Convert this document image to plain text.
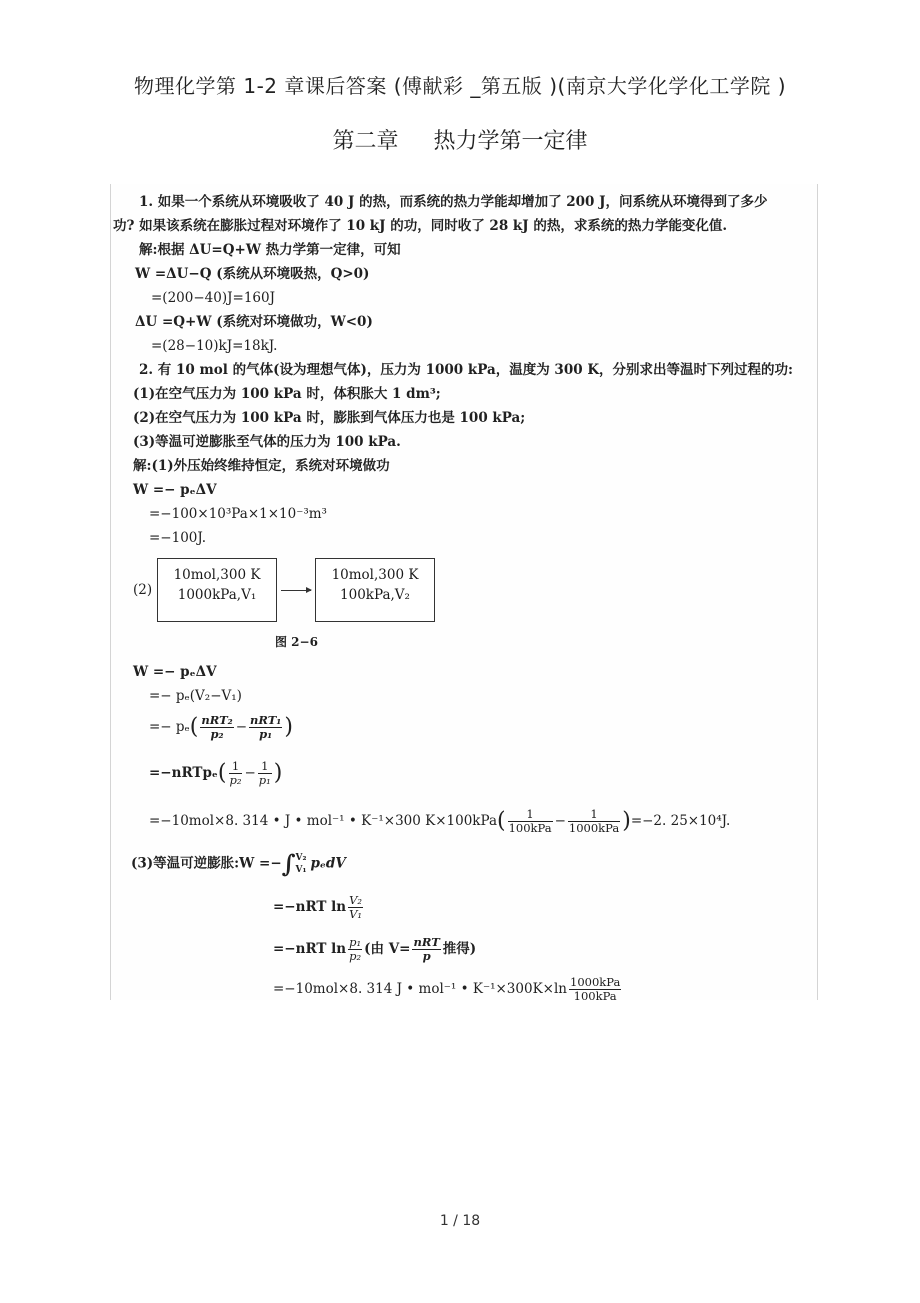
物理化学第 1-2 章课后答案 (傅献彩 _第五版 )(南京大学化学化工学院 )
第二章 热力学第一定律
1. 如果一个系统从环境吸收了 40 J 的热，而系统的热力学能却增加了 200 J，问系统从环境得到了多少
功? 如果该系统在膨胀过程对环境作了 10 kJ 的功，同时收了 28 kJ 的热，求系统的热力学能变化值.
解:根据 ΔU=Q+W 热力学第一定律，可知
W =ΔU−Q (系统从环境吸热，Q>0)
=(200−40)J=160J
ΔU =Q+W (系统对环境做功，W<0)
=(28−10)kJ=18kJ.
2. 有 10 mol 的气体(设为理想气体)，压力为 1000 kPa，温度为 300 K，分别求出等温时下列过程的功:
(1)在空气压力为 100 kPa 时，体积胀大 1 dm³;
(2)在空气压力为 100 kPa 时，膨胀到气体压力也是 100 kPa;
(3)等温可逆膨胀至气体的压力为 100 kPa.
解:(1)外压始终维持恒定，系统对环境做功
W =− pₑΔV
=−100×10³Pa×1×10⁻³m³
=−100J.
(2)
10mol,300 K
1000kPa,V₁
10mol,300 K
100kPa,V₂
图 2−6
W =− pₑΔV
=− pₑ(V₂−V₁)
=− $p_e( \frac{\text{nRT₂}}{\text{p₂}} - \frac{\text{nRT₁}}{\text{p₁}}$ )
=−nRTpₑ( $\frac{1}{\text{p₂}} - \frac{1}{\text{p₁}}$ )
=−10mol×8. 314 • J • mol⁻¹ • K⁻¹×300 $K\times 100kPa( \frac{1}{\text{100kPa}} - \frac{1}{\text{1000kPa}} )=-2$. 25×10⁴J.
(3)等温可逆膨胀:W =−∫ V₂
V₁ pₑdV
=−nRT $\ln \frac{\text{V₂}}{\text{V₁}}$
=−nRT $\ln \frac{\text{p₁}}{\text{p₂}}$ (由 $V= \frac{\text{nRT}}{p}$ 推得)
=−10mol×8. 314 J • mol⁻¹ • $K^{-1}\times 300K\times\ln \frac{\text{1000kPa}}{\text{100kPa}}$
1 / 18
